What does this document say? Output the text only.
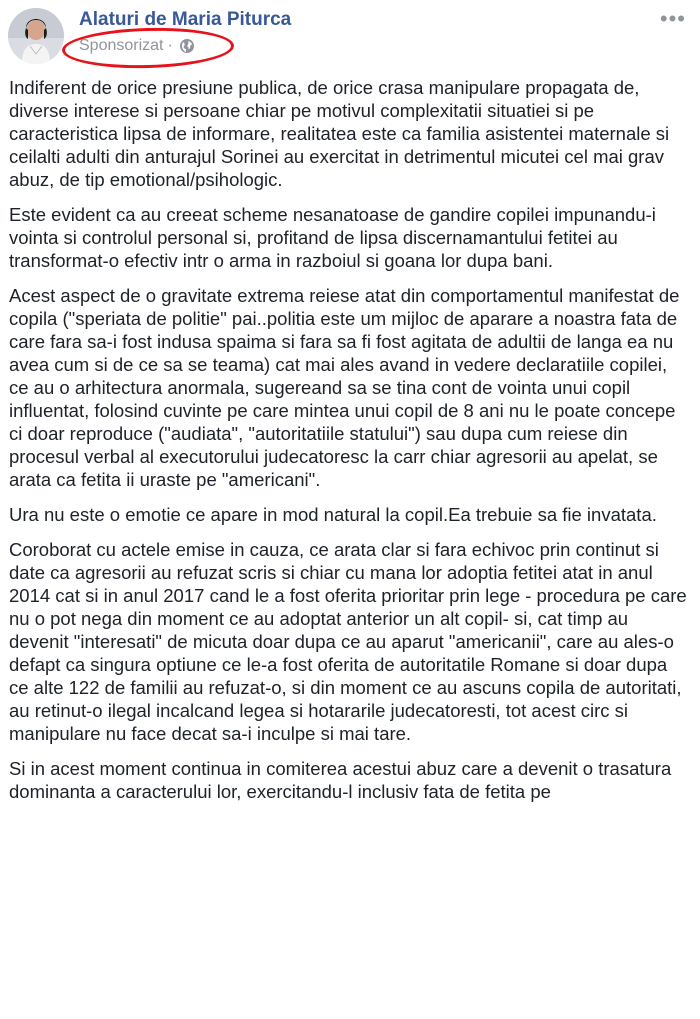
Alaturi de Maria Piturca
Sponsorizat ·
•••

Indiferent de orice presiune publica, de orice crasa manipulare propagata de, diverse interese si persoane chiar pe motivul complexitatii situatiei si pe caracteristica lipsa de informare, realitatea este ca familia asistentei maternale si ceilalti adulti din anturajul Sorinei au exercitat in detrimentul micutei cel mai grav abuz, de tip emotional/psihologic.

Este evident ca au creeat scheme nesanatoase de gandire copilei impunandu-i vointa si controlul personal si, profitand de lipsa discernamantului fetitei au transformat-o efectiv intr o arma in razboiul si goana lor dupa bani.

Acest aspect de o gravitate extrema reiese atat din comportamentul manifestat de copila ("speriata de politie" pai..politia este um mijloc de aparare a noastra fata de care fara sa-i fost indusa spaima si fara sa fi fost agitata de adultii de langa ea nu avea cum si de ce sa se teama) cat mai ales avand in vedere declaratiile copilei, ce au o arhitectura anormala, sugereand sa se tina cont de vointa unui copil influentat, folosind cuvinte pe care mintea unui copil de 8 ani nu le poate concepe ci doar reproduce ("audiata", "autoritatiile statului") sau dupa cum reiese din procesul verbal al executorului judecatoresc la carr chiar agresorii au apelat, se arata ca fetita ii uraste pe "americani".

Ura nu este o emotie ce apare in mod natural la copil.Ea trebuie sa fie invatata.

Coroborat cu actele emise in cauza, ce arata clar si fara echivoc prin continut si date ca agresorii au refuzat scris si chiar cu mana lor adoptia fetitei atat in anul 2014 cat si in anul 2017 cand le a fost oferita prioritar prin lege - procedura pe care nu o pot nega din moment ce au adoptat anterior un alt copil- si, cat timp au devenit "interesati" de micuta doar dupa ce au aparut "americanii", care au ales-o defapt ca singura optiune ce le-a fost oferita de autoritatile Romane si doar dupa ce alte 122 de familii au refuzat-o, si din moment ce au ascuns copila de autoritati, au retinut-o ilegal incalcand legea si hotararile judecatoresti, tot acest circ si manipulare nu face decat sa-i inculpe si mai tare.

Si in acest moment continua in comiterea acestui abuz care a devenit o trasatura dominanta a caracterului lor, exercitandu-l inclusiv fata de fetita pe
